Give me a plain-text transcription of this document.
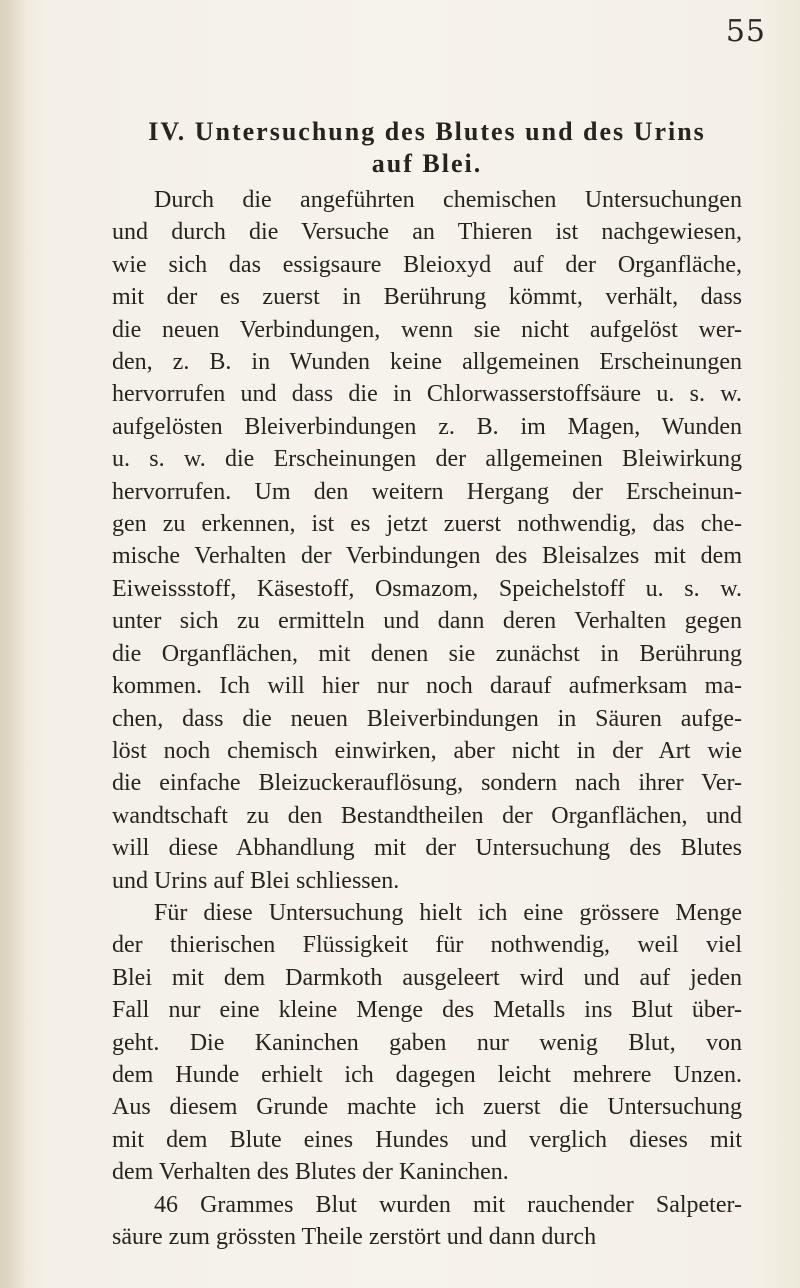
55
IV. Untersuchung des Blutes und des Urins
auf Blei.

Durch die angeführten chemischen Untersuchungen
und durch die Versuche an Thieren ist nachgewiesen,
wie sich das essigsaure Bleioxyd auf der Organfläche,
mit der es zuerst in Berührung kömmt, verhält, dass
die neuen Verbindungen, wenn sie nicht aufgelöst wer-
den, z. B. in Wunden keine allgemeinen Erscheinungen
hervorrufen und dass die in Chlorwasserstoffsäure u. s. w.
aufgelösten Bleiverbindungen z. B. im Magen, Wunden
u. s. w. die Erscheinungen der allgemeinen Bleiwirkung
hervorrufen. Um den weitern Hergang der Erscheinun-
gen zu erkennen, ist es jetzt zuerst nothwendig, das che-
mische Verhalten der Verbindungen des Bleisalzes mit dem
Eiweissstoff, Käsestoff, Osmazom, Speichelstoff u. s. w.
unter sich zu ermitteln und dann deren Verhalten gegen
die Organflächen, mit denen sie zunächst in Berührung
kommen. Ich will hier nur noch darauf aufmerksam ma-
chen, dass die neuen Bleiverbindungen in Säuren aufge-
löst noch chemisch einwirken, aber nicht in der Art wie
die einfache Bleizuckerauflösung, sondern nach ihrer Ver-
wandtschaft zu den Bestandtheilen der Organflächen, und
will diese Abhandlung mit der Untersuchung des Blutes
und Urins auf Blei schliessen.

Für diese Untersuchung hielt ich eine grössere Menge
der thierischen Flüssigkeit für nothwendig, weil viel
Blei mit dem Darmkoth ausgeleert wird und auf jeden
Fall nur eine kleine Menge des Metalls ins Blut über-
geht. Die Kaninchen gaben nur wenig Blut, von
dem Hunde erhielt ich dagegen leicht mehrere Unzen.
Aus diesem Grunde machte ich zuerst die Untersuchung
mit dem Blute eines Hundes und verglich dieses mit
dem Verhalten des Blutes der Kaninchen.

46 Grammes Blut wurden mit rauchender Salpeter-
säure zum grössten Theile zerstört und dann durch
